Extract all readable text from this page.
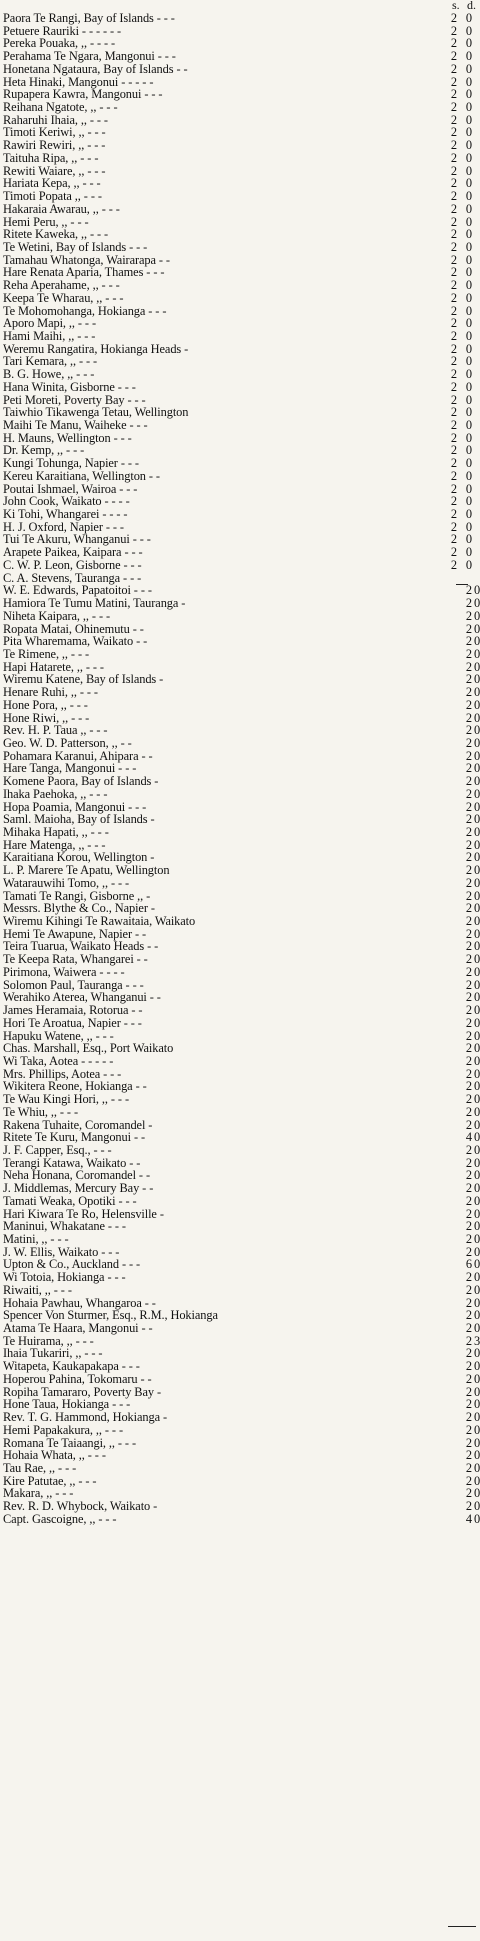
s. d.
Paora Te Rangi, Bay of Islands - - -	2 0
Petuere Rauriki - - - - - -	2 0
Pereka Pouaka, ,, - - - -	2 0
Perahama Te Ngara, Mangonui - - -	2 0
Honetana Ngataura, Bay of Islands - -	2 0
Heta Hinaki, Mangonui - - - - -	2 0
Rupapera Kawra, Mangonui - - -	2 0
Reihana Ngatote, ,, - - -	2 0
Raharuhi Ihaia, ,, - - -	2 0
Timoti Keriwi, ,, - - -	2 0
Rawiri Rewiri, ,, - - -	2 0
Taituha Ripa, ,, - - -	2 0
Rewiti Waiare, ,, - - -	2 0
Hariata Kepa, ,, - - -	2 0
Timoti Popata ,, - - -	2 0
Hakaraia Awarau, ,, - - -	2 0
Hemi Peru, ,, - - -	2 0
Ritete Kaweka, ,, - - -	2 0
Te Wetini, Bay of Islands - - -	2 0
Tamahau Whatonga, Wairarapa - -	2 0
Hare Renata Aparia, Thames - - -	2 0
Reha Aperahame, ,, - - -	2 0
Keepa Te Wharau, ,, - - -	2 0
Te Mohomohanga, Hokianga - - -	2 0
Aporo Mapi, ,, - - -	2 0
Hami Maihi, ,, - - -	2 0
Weremu Rangatira, Hokianga Heads -	2 0
Tari Kemara, ,, - - -	2 0
B. G. Howe, ,, - - -	2 0
Hana Winita, Gisborne - - -	2 0
Peti Moreti, Poverty Bay - - -	2 0
Taiwhio Tikawenga Tetau, Wellington	2 0
Maihi Te Manu, Waiheke - - -	2 0
H. Mauns, Wellington - - -	2 0
Dr. Kemp, ,, - - -	2 0
Kungi Tohunga, Napier - - -	2 0
Kereu Karaitiana, Wellington - -	2 0
Poutai Ishmael, Wairoa - - -	2 0
John Cook, Waikato - - - -	2 0
Ki Tohi, Whangarei - - - -	2 0
H. J. Oxford, Napier - - -	2 0
Tui Te Akuru, Whanganui - - -	2 0
Arapete Paikea, Kaipara - - -	2 0
C. W. P. Leon, Gisborne - - -	2 0
C. A. Stevens, Tauranga - - -
W. E. Edwards, Papatoitoi - - -	2 0
Hamiora Te Tumu Matini, Tauranga -	2 0
Niheta Kaipara, ,, - - -	2 0
Ropata Matai, Ohinemutu - -	2 0
Pita Wharemama, Waikato - -	2 0
Te Rimene, ,, - - -	2 0
Hapi Hatarete, ,, - - -	2 0
Wiremu Katene, Bay of Islands -	2 0
Henare Ruhi, ,, - - -	2 0
Hone Pora, ,, - - -	2 0
Hone Riwi, ,, - - -	2 0
Rev. H. P. Taua ,, - - -	2 0
Geo. W. D. Patterson, ,, - -	2 0
Pohamara Karanui, Ahipara - -	2 0
Hare Tanga, Mangonui - - -	2 0
Komene Paora, Bay of Islands -	2 0
Ihaka Paehoka, ,, - - -	2 0
Hopa Poamia, Mangonui - - -	2 0
Saml. Maioha, Bay of Islands -	2 0
Mihaka Hapati, ,, - - -	2 0
Hare Matenga, ,, - - -	2 0
Karaitiana Korou, Wellington -	2 0
L. P. Marere Te Apatu, Wellington	2 0
Watarauwihi Tomo, ,, - - -	2 0
Tamati Te Rangi, Gisborne ,, -	2 0
Messrs. Blythe & Co., Napier -	2 0
Wiremu Kihingi Te Rawaitaia, Waikato	2 0
Hemi Te Awapune, Napier - -	2 0
Teira Tuarua, Waikato Heads - -	2 0
Te Keepa Rata, Whangarei - -	2 0
Pirimona, Waiwera - - - -	2 0
Solomon Paul, Tauranga - - -	2 0
Werahiko Aterea, Whanganui - -	2 0
James Heramaia, Rotorua - -	2 0
Hori Te Aroatua, Napier - - -	2 0
Hapuku Watene, ,, - - -	2 0
Chas. Marshall, Esq., Port Waikato	2 0
Wi Taka, Aotea - - - - -	2 0
Mrs. Phillips, Aotea - - -	2 0
Wikitera Reone, Hokianga - -	2 0
Te Wau Kingi Hori, ,, - - -	2 0
Te Whiu, ,, - - -	2 0
Rakena Tuhaite, Coromandel -	2 0
Ritete Te Kuru, Mangonui - -	4 0
J. F. Capper, Esq., - - -	2 0
Terangi Katawa, Waikato - -	2 0
Neha Honana, Coromandel - -	2 0
J. Middlemas, Mercury Bay - -	2 0
Tamati Weaka, Opotiki - - -	2 0
Hari Kiwara Te Ro, Helensville -	2 0
Maninui, Whakatane - - -	2 0
Matini, ,, - - -	2 0
J. W. Ellis, Waikato - - -	2 0
Upton & Co., Auckland - - -	6 0
Wi Totoia, Hokianga - - -	2 0
Riwaiti, ,, - - -	2 0
Hohaia Pawhau, Whangaroa - -	2 0
Spencer Von Sturmer, Esq., R.M., Hokianga	2 0
Atama Te Haara, Mangonui - -	2 0
Te Huirama, ,, - - -	2 3
Ihaia Tukariri, ,, - - -	2 0
Witapeta, Kaukapakapa - - -	2 0
Hoperou Pahina, Tokomaru - -	2 0
Ropiha Tamararo, Poverty Bay -	2 0
Hone Taua, Hokianga - - -	2 0
Rev. T. G. Hammond, Hokianga -	2 0
Hemi Papakakura, ,, - - -	2 0
Romana Te Taiaangi, ,, - - -	2 0
Hohaia Whata, ,, - - -	2 0
Tau Rae, ,, - - -	2 0
Kire Patutae, ,, - - -	2 0
Makara, ,, - - -	2 0
Rev. R. D. Whybock, Waikato -	2 0
Capt. Gascoigne, ,, - - -	4 0
